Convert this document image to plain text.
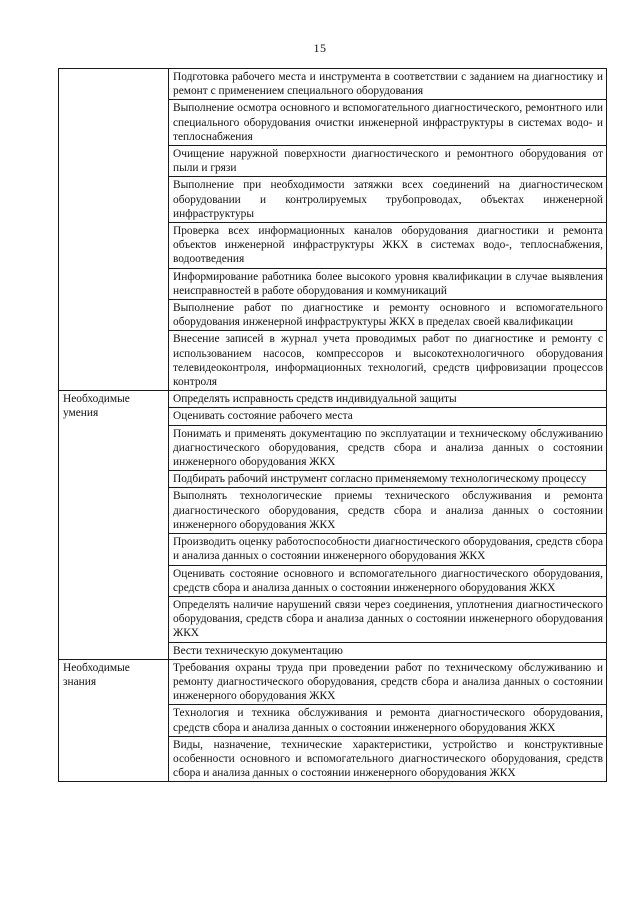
15
	Подготовка рабочего места и инструмента в соответствии с заданием на диагностику и ремонт с применением специального оборудования
	Выполнение осмотра основного и вспомогательного диагностического, ремонтного или специального оборудования очистки инженерной инфраструктуры в системах водо- и теплоснабжения
	Очищение наружной поверхности диагностического и ремонтного оборудования от пыли и грязи
	Выполнение при необходимости затяжки всех соединений на диагностическом оборудовании и контролируемых трубопроводах, объектах инженерной инфраструктуры
	Проверка всех информационных каналов оборудования диагностики и ремонта объектов инженерной инфраструктуры ЖКХ в системах водо-, теплоснабжения, водоотведения
	Информирование работника более высокого уровня квалификации в случае выявления неисправностей в работе оборудования и коммуникаций
	Выполнение работ по диагностике и ремонту основного и вспомогательного оборудования инженерной инфраструктуры ЖКХ в пределах своей квалификации
	Внесение записей в журнал учета проводимых работ по диагностике и ремонту с использованием насосов, компрессоров и высокотехнологичного оборудования телевидеоконтроля, информационных технологий, средств цифровизации процессов контроля
Необходимые умения	Определять исправность средств индивидуальной защиты
	Оценивать состояние рабочего места
	Понимать и применять документацию по эксплуатации и техническому обслуживанию диагностического оборудования, средств сбора и анализа данных о состоянии инженерного оборудования ЖКХ
	Подбирать рабочий инструмент согласно применяемому технологическому процессу
	Выполнять технологические приемы технического обслуживания и ремонта диагностического оборудования, средств сбора и анализа данных о состоянии инженерного оборудования ЖКХ
	Производить оценку работоспособности диагностического оборудования, средств сбора и анализа данных о состоянии инженерного оборудования ЖКХ
	Оценивать состояние основного и вспомогательного диагностического оборудования, средств сбора и анализа данных о состоянии инженерного оборудования ЖКХ
	Определять наличие нарушений связи через соединения, уплотнения диагностического оборудования, средств сбора и анализа данных о состоянии инженерного оборудования ЖКХ
	Вести техническую документацию
Необходимые знания	Требования охраны труда при проведении работ по техническому обслуживанию и ремонту диагностического оборудования, средств сбора и анализа данных о состоянии инженерного оборудования ЖКХ
	Технология и техника обслуживания и ремонта диагностического оборудования, средств сбора и анализа данных о состоянии инженерного оборудования ЖКХ
	Виды, назначение, технические характеристики, устройство и конструктивные особенности основного и вспомогательного диагностического оборудования, средств сбора и анализа данных о состоянии инженерного оборудования ЖКХ
